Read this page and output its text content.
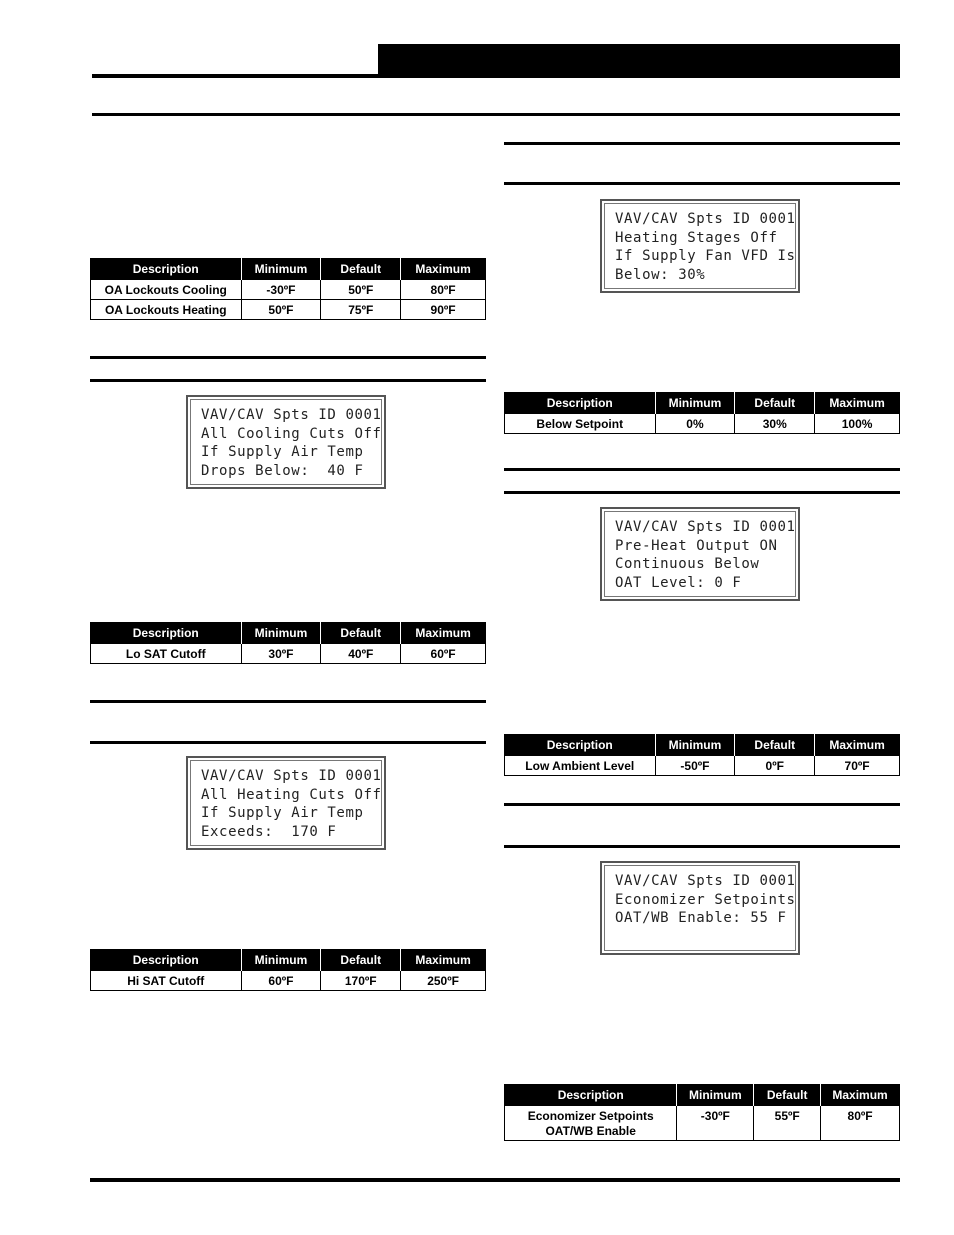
Description	Minimum	Default	Maximum
OA Lockouts Cooling	-30ºF	50ºF	80ºF
OA Lockouts Heating	50ºF	75ºF	90ºF
VAV/CAV Spts ID 0001
All Cooling Cuts Off
If Supply Air Temp
Drops Below:  40 F
Description	Minimum	Default	Maximum
Lo SAT Cutoff	30ºF	40ºF	60ºF
VAV/CAV Spts ID 0001
All Heating Cuts Off
If Supply Air Temp
Exceeds:  170 F
Description	Minimum	Default	Maximum
Hi SAT Cutoff	60ºF	170ºF	250ºF
VAV/CAV Spts ID 0001
Heating Stages Off
If Supply Fan VFD Is
Below: 30%
Description	Minimum	Default	Maximum
Below Setpoint	0%	30%	100%
VAV/CAV Spts ID 0001
Pre-Heat Output ON
Continuous Below
OAT Level: 0 F
Description	Minimum	Default	Maximum
Low Ambient Level	-50ºF	0ºF	70ºF
VAV/CAV Spts ID 0001
Economizer Setpoints
OAT/WB Enable: 55 F
Description	Minimum	Default	Maximum

Economizer Setpoints
OAT/WB Enable	-30ºF	55ºF	80ºF
